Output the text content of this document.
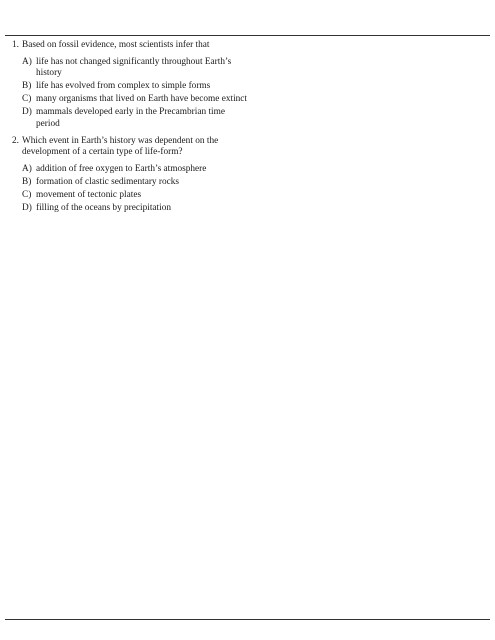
1. Based on fossil evidence, most scientists infer that
A) life has not changed significantly throughout Earth’s history
B) life has evolved from complex to simple forms
C) many organisms that lived on Earth have become extinct
D) mammals developed early in the Precambrian time period
2. Which event in Earth’s history was dependent on the development of a certain type of life-form?
A) addition of free oxygen to Earth’s atmosphere
B) formation of clastic sedimentary rocks
C) movement of tectonic plates
D) filling of the oceans by precipitation
